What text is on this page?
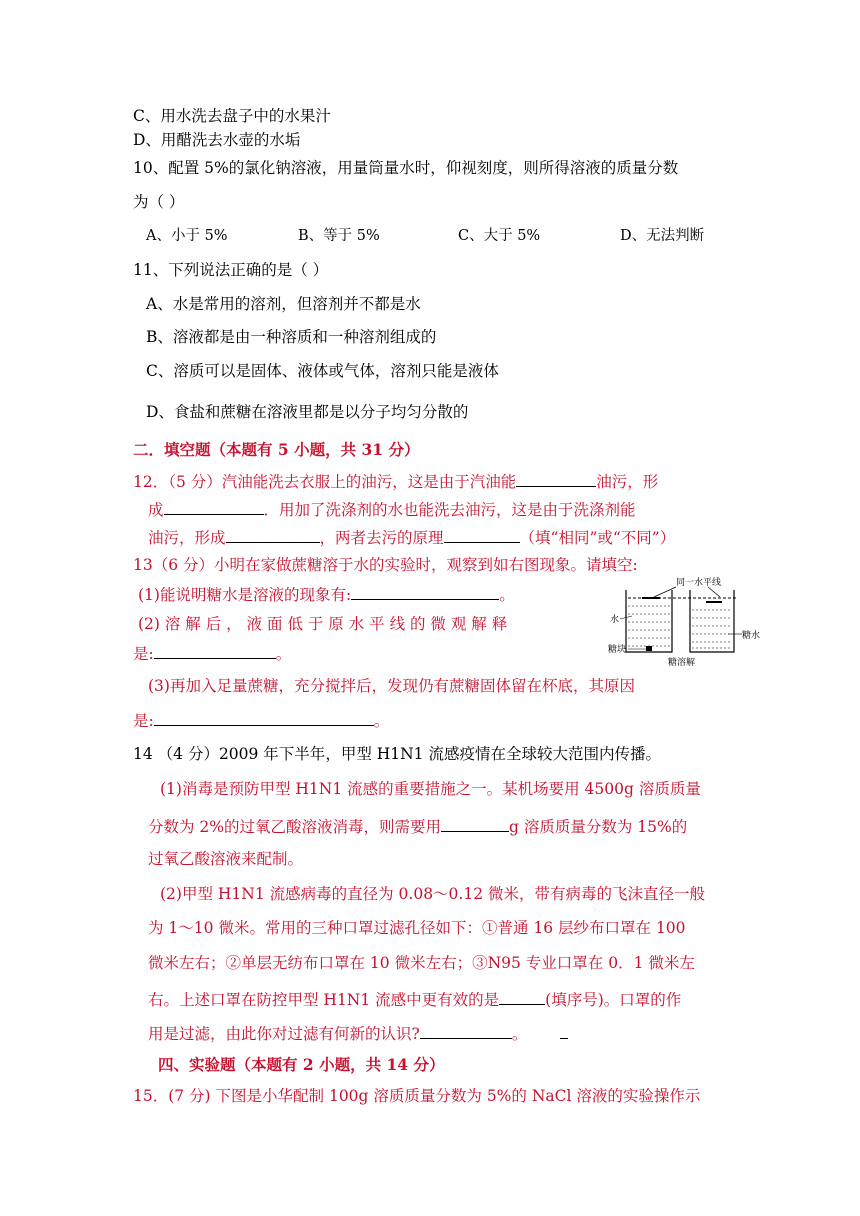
C、用水洗去盘子中的水果汁
D、用醋洗去水壶的水垢
10、配置 5%的氯化钠溶液，用量筒量水时，仰视刻度，则所得溶液的质量分数
为（ ）
A、小于 5%	B、等于 5%	C、大于 5%	D、无法判断
11、下列说法正确的是（ ）
A、水是常用的溶剂，但溶剂并不都是水
B、溶液都是由一种溶质和一种溶剂组成的
C、溶质可以是固体、液体或气体，溶剂只能是液体
D、食盐和蔗糖在溶液里都是以分子均匀分散的
二．填空题（本题有 5 小题，共 31 分）
12．（5 分）汽油能洗去衣服上的油污，这是由于汽油能	油污，形
成	．用加了洗涤剂的水也能洗去油污，这是由于洗涤剂能
油污，形成	，两者去污的原理	（填“相同”或“不同”）
13（6 分）小明在家做蔗糖溶于水的实验时，观察到如右图现象。请填空:
(1)能说明糖水是溶液的现象有:	。
(2) 溶 解 后 ， 液 面 低 于 原 水 平 线 的 微 观 解 释
是:	。
(3)再加入足量蔗糖，充分搅拌后，发现仍有蔗糖固体留在杯底，其原因
是:	。
同一水平线
水
糖块
糖水
糖溶解
14 （4 分）2009 年下半年，甲型 H1N1 流感疫情在全球较大范围内传播。
(1)消毒是预防甲型 H1N1 流感的重要措施之一。某机场要用 4500g 溶质质量
分数为 2%的过氧乙酸溶液消毒，则需要用	g 溶质质量分数为 15%的
过氧乙酸溶液来配制。
(2)甲型 H1N1 流感病毒的直径为 0.08～0.12 微米，带有病毒的飞沫直径一般
为 1～10 微米。常用的三种口罩过滤孔径如下：①普通 16 层纱布口罩在 100
微米左右；②单层无纺布口罩在 10 微米左右；③N95 专业口罩在 0．1 微米左
右。上述口罩在防控甲型 H1N1 流感中更有效的是	(填序号)。口罩的作
用是过滤，由此你对过滤有何新的认识?	。
四、实验题（本题有 2 小题，共 14 分）
15．(7 分) 下图是小华配制 100g 溶质质量分数为 5%的 NaCl 溶液的实验操作示
